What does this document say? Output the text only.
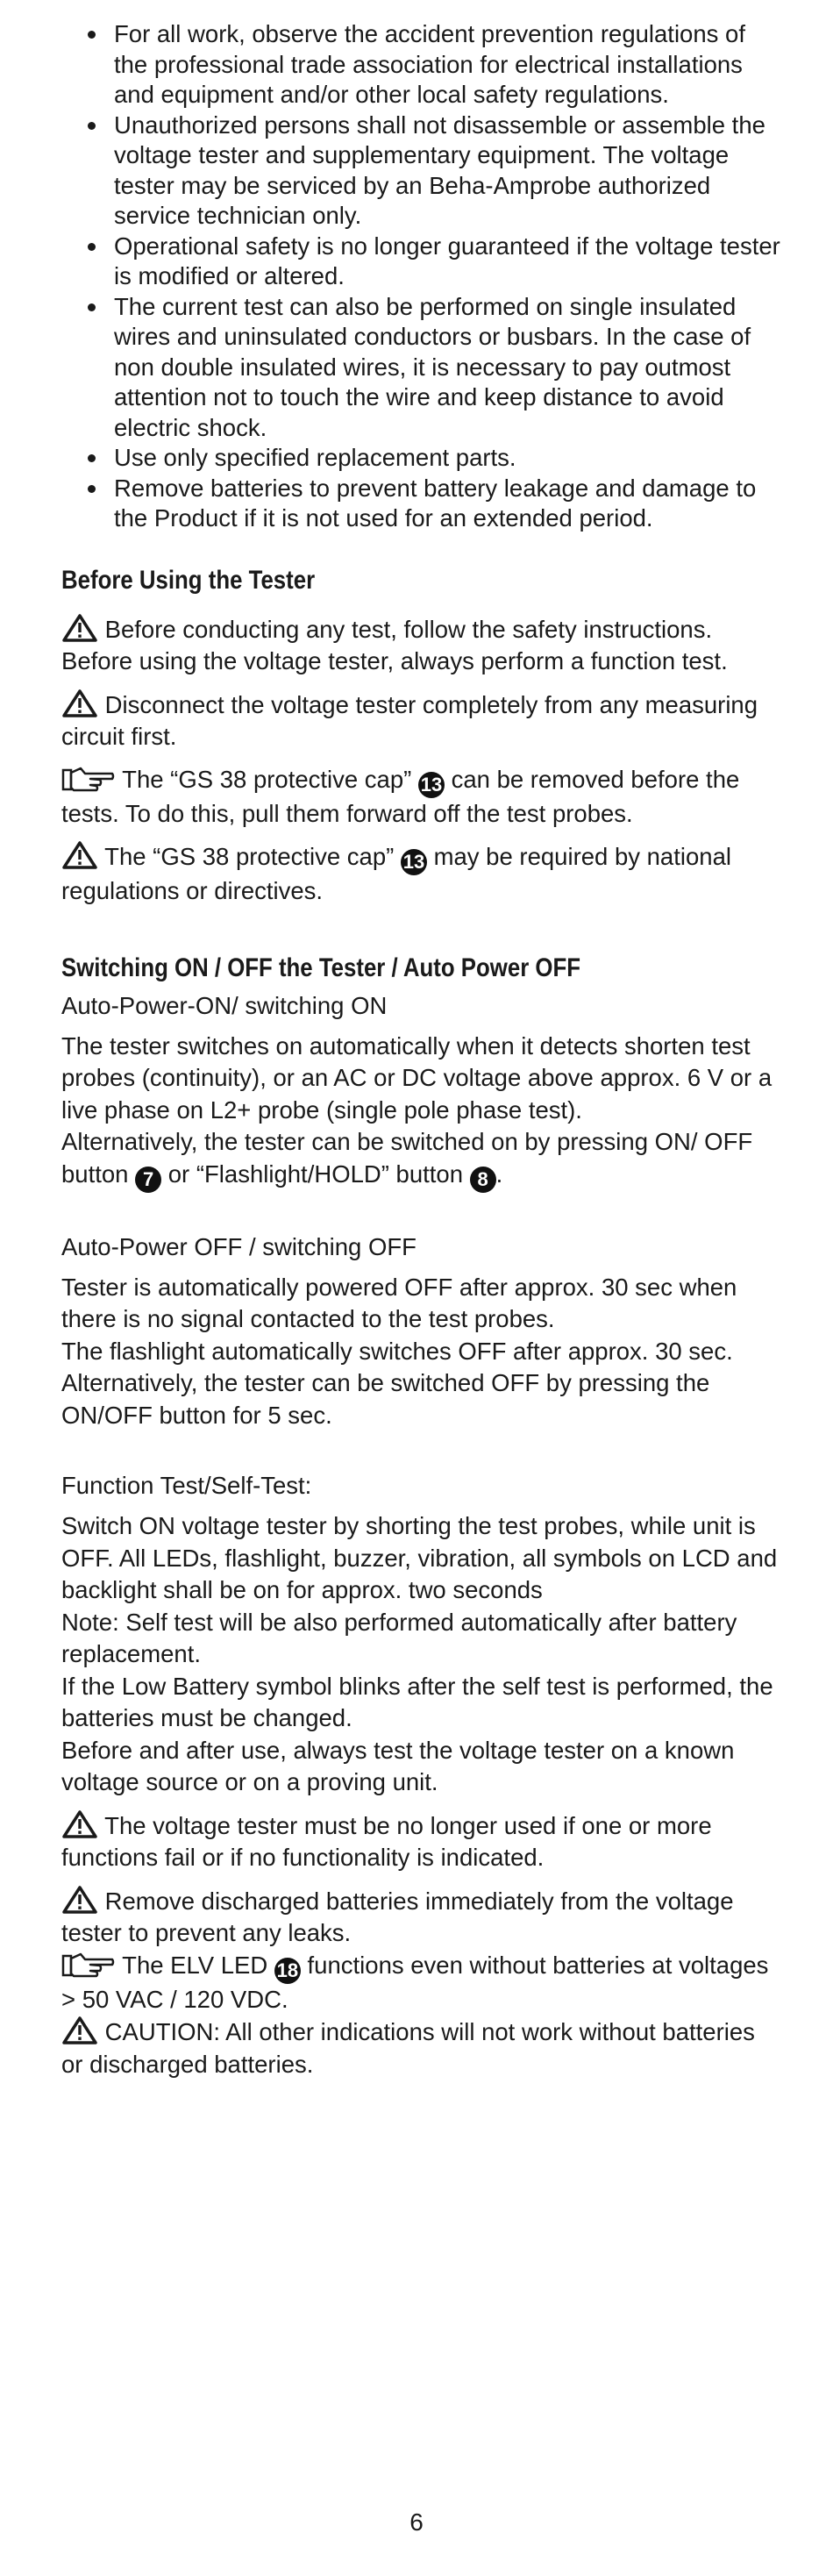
For all work, observe the accident prevention regulations of the professional trade association for electrical installations and equipment and/or other local safety regulations.
Unauthorized persons shall not disassemble or assemble the voltage tester and supplementary equipment. The voltage tester may be serviced by an Beha-Amprobe authorized service technician only.
Operational safety is no longer guaranteed if the voltage tester is modified or altered.
The current test can also be performed on single insulated wires and uninsulated conductors or busbars. In the case of non double insulated wires, it is necessary to pay outmost attention not to touch the wire and keep distance to avoid electric shock.
Use only specified replacement parts.
Remove batteries to prevent battery leakage and damage to the Product if it is not used for an extended period.
Before Using the Tester

Before conducting any test, follow the safety instructions. Before using the voltage tester, always perform a function test.

Disconnect the voltage tester completely from any measuring circuit first.

The “GS 38 protective cap” 13 can be removed before the tests. To do this, pull them forward off the test probes.

The “GS 38 protective cap” 13 may be required by national regulations or directives.

Switching ON / OFF the Tester / Auto Power OFF
Auto-Power-ON/ switching ON

The tester switches on automatically when it detects shorten test probes (continuity), or an AC or DC voltage above approx. 6 V or a live phase on L2+ probe (single pole phase test).

Alternatively, the tester can be switched on by pressing ON/ OFF button 7 or “Flashlight/HOLD” button 8 .

Auto-Power OFF / switching OFF

Tester is automatically powered OFF after approx. 30 sec when there is no signal contacted to the test probes.

The flashlight automatically switches OFF after approx. 30 sec.

Alternatively, the tester can be switched OFF by pressing the ON/OFF button for 5 sec.

Function Test/Self-Test:

Switch ON voltage tester by shorting the test probes, while unit is OFF. All LEDs, flashlight, buzzer, vibration, all symbols on LCD and backlight shall be on for approx. two seconds

Note: Self test will be also performed automatically after battery replacement.

If the Low Battery symbol blinks after the self test is performed, the batteries must be changed.

Before and after use, always test the voltage tester on a known voltage source or on a proving unit.

The voltage tester must be no longer used if one or more functions fail or if no functionality is indicated.

Remove discharged batteries immediately from the voltage tester to prevent any leaks.

The ELV LED 18 functions even without batteries at voltages > 50 VAC / 120 VDC.

CAUTION: All other indications will not work without batteries or discharged batteries.

6
